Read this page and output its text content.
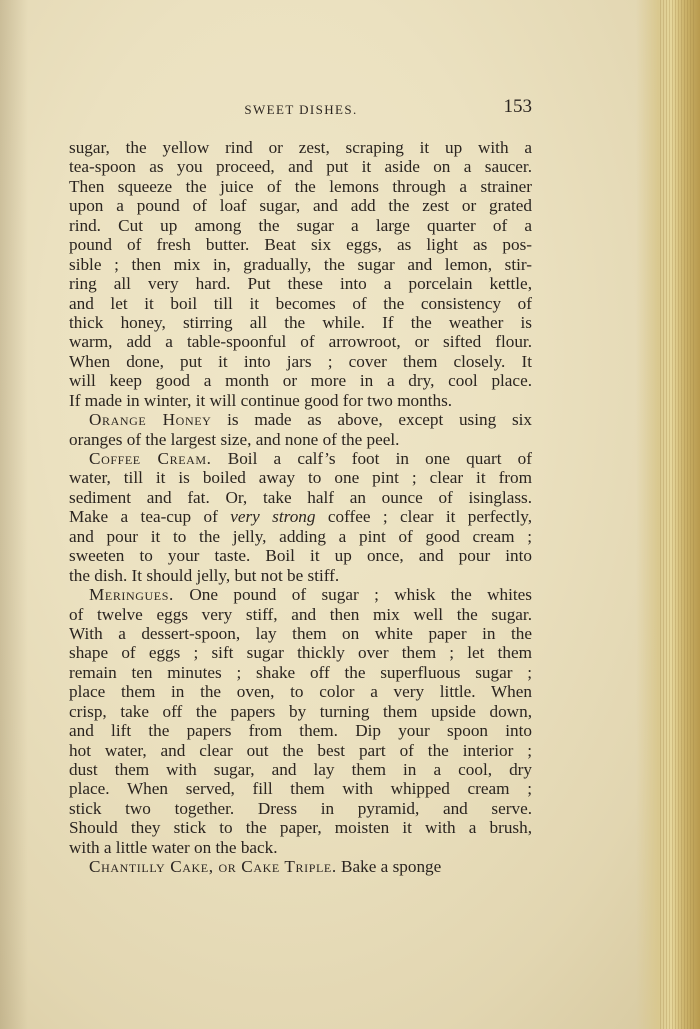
SWEET DISHES.	153
sugar, the yellow rind or zest, scraping it up with a
tea-spoon as you proceed, and put it aside on a saucer.
Then squeeze the juice of the lemons through a strainer
upon a pound of loaf sugar, and add the zest or grated
rind. Cut up among the sugar a large quarter of a
pound of fresh butter. Beat six eggs, as light as pos-
sible ; then mix in, gradually, the sugar and lemon, stir-
ring all very hard. Put these into a porcelain kettle,
and let it boil till it becomes of the consistency of
thick honey, stirring all the while. If the weather is
warm, add a table-spoonful of arrowroot, or sifted flour.
When done, put it into jars ; cover them closely. It
will keep good a month or more in a dry, cool place.
If made in winter, it will continue good for two months.
Orange Honey is made as above, except using six
oranges of the largest size, and none of the peel.
Coffee Cream. Boil a calf’s foot in one quart of
water, till it is boiled away to one pint ; clear it from
sediment and fat. Or, take half an ounce of isinglass.
Make a tea-cup of very strong coffee ; clear it perfectly,
and pour it to the jelly, adding a pint of good cream ;
sweeten to your taste. Boil it up once, and pour into
the dish. It should jelly, but not be stiff.
Meringues. One pound of sugar ; whisk the whites
of twelve eggs very stiff, and then mix well the sugar.
With a dessert-spoon, lay them on white paper in the
shape of eggs ; sift sugar thickly over them ; let them
remain ten minutes ; shake off the superfluous sugar ;
place them in the oven, to color a very little. When
crisp, take off the papers by turning them upside down,
and lift the papers from them. Dip your spoon into
hot water, and clear out the best part of the interior ;
dust them with sugar, and lay them in a cool, dry
place. When served, fill them with whipped cream ;
stick two together. Dress in pyramid, and serve.
Should they stick to the paper, moisten it with a brush,
with a little water on the back.
Chantilly Cake, or Cake Triple. Bake a sponge
